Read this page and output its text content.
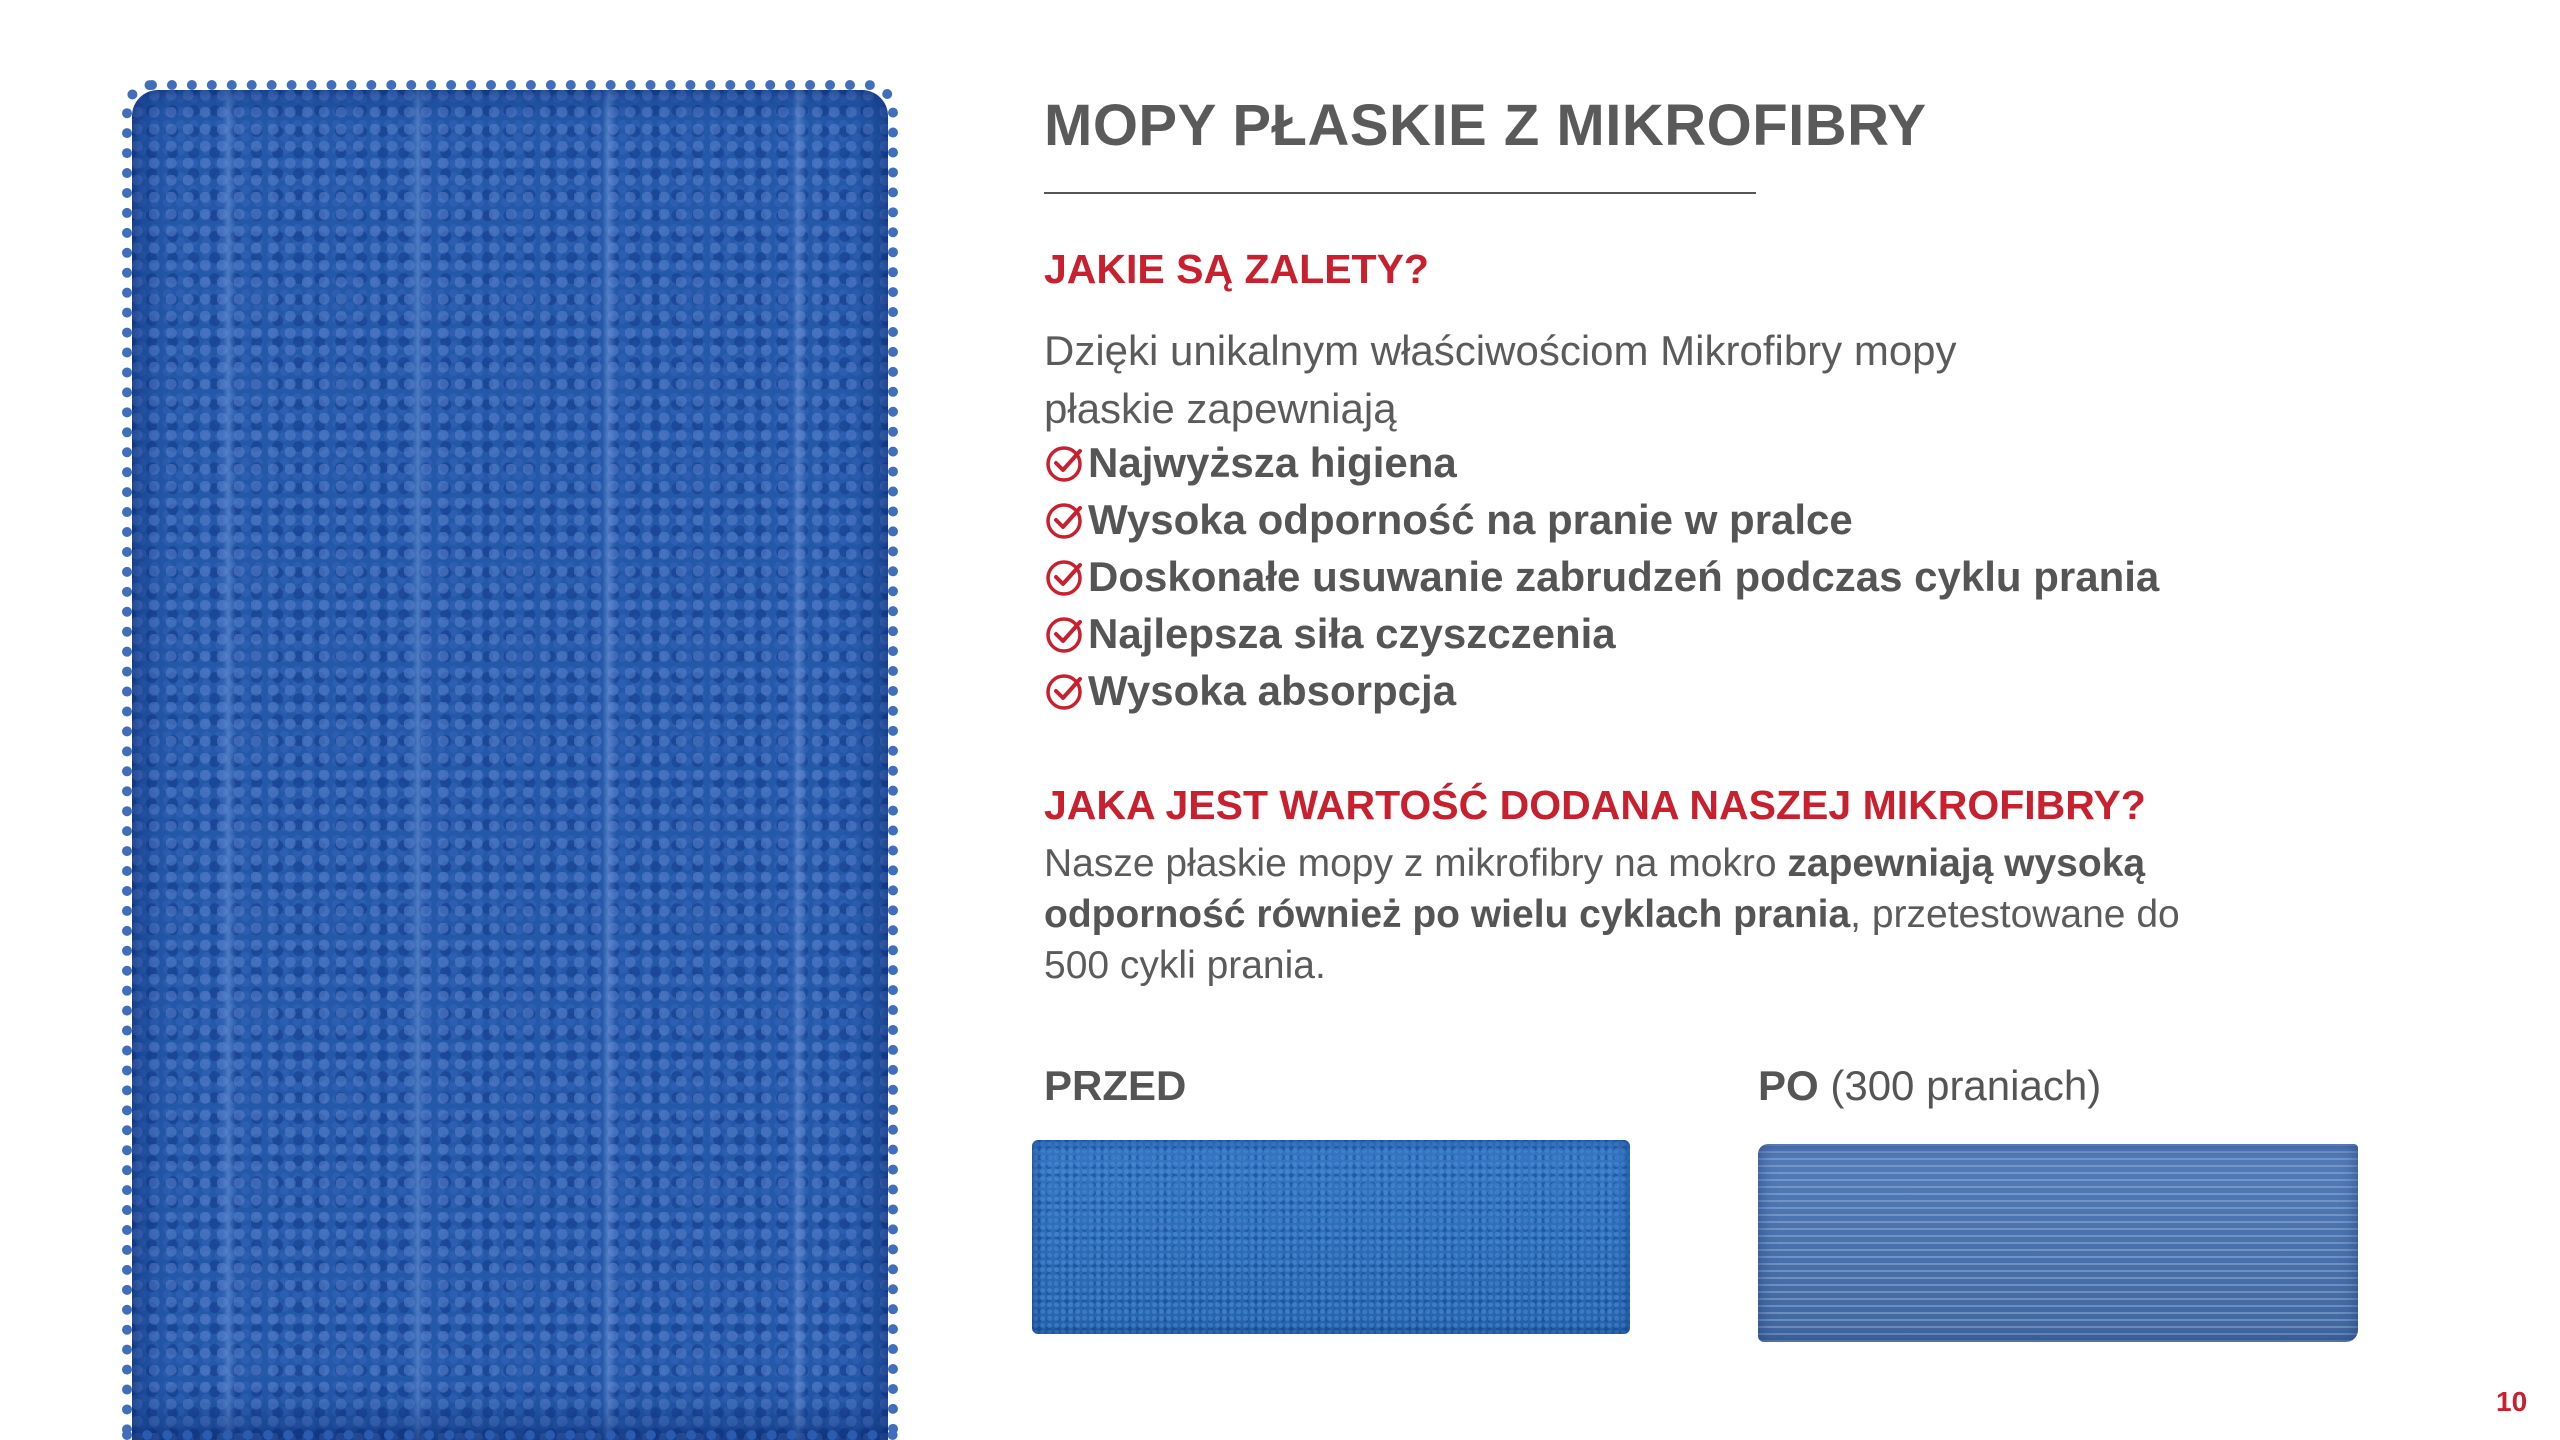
MOPY PŁASKIE Z MIKROFIBRY
JAKIE SĄ ZALETY?

Dzięki unikalnym właściwościom Mikrofibry mopy
płaskie zapewniają

Najwyższa higiena
Wysoka odporność na pranie w pralce
Doskonałe usuwanie zabrudzeń podczas cyklu prania
Najlepsza siła czyszczenia
Wysoka absorpcja
JAKA JEST WARTOŚĆ DODANA NASZEJ MIKROFIBRY?

Nasze płaskie mopy z mikrofibry na mokro zapewniają wysoką odporność również po wielu cyklach prania, przetestowane do 500 cykli prania.

PRZED	PO (300 praniach)

10
